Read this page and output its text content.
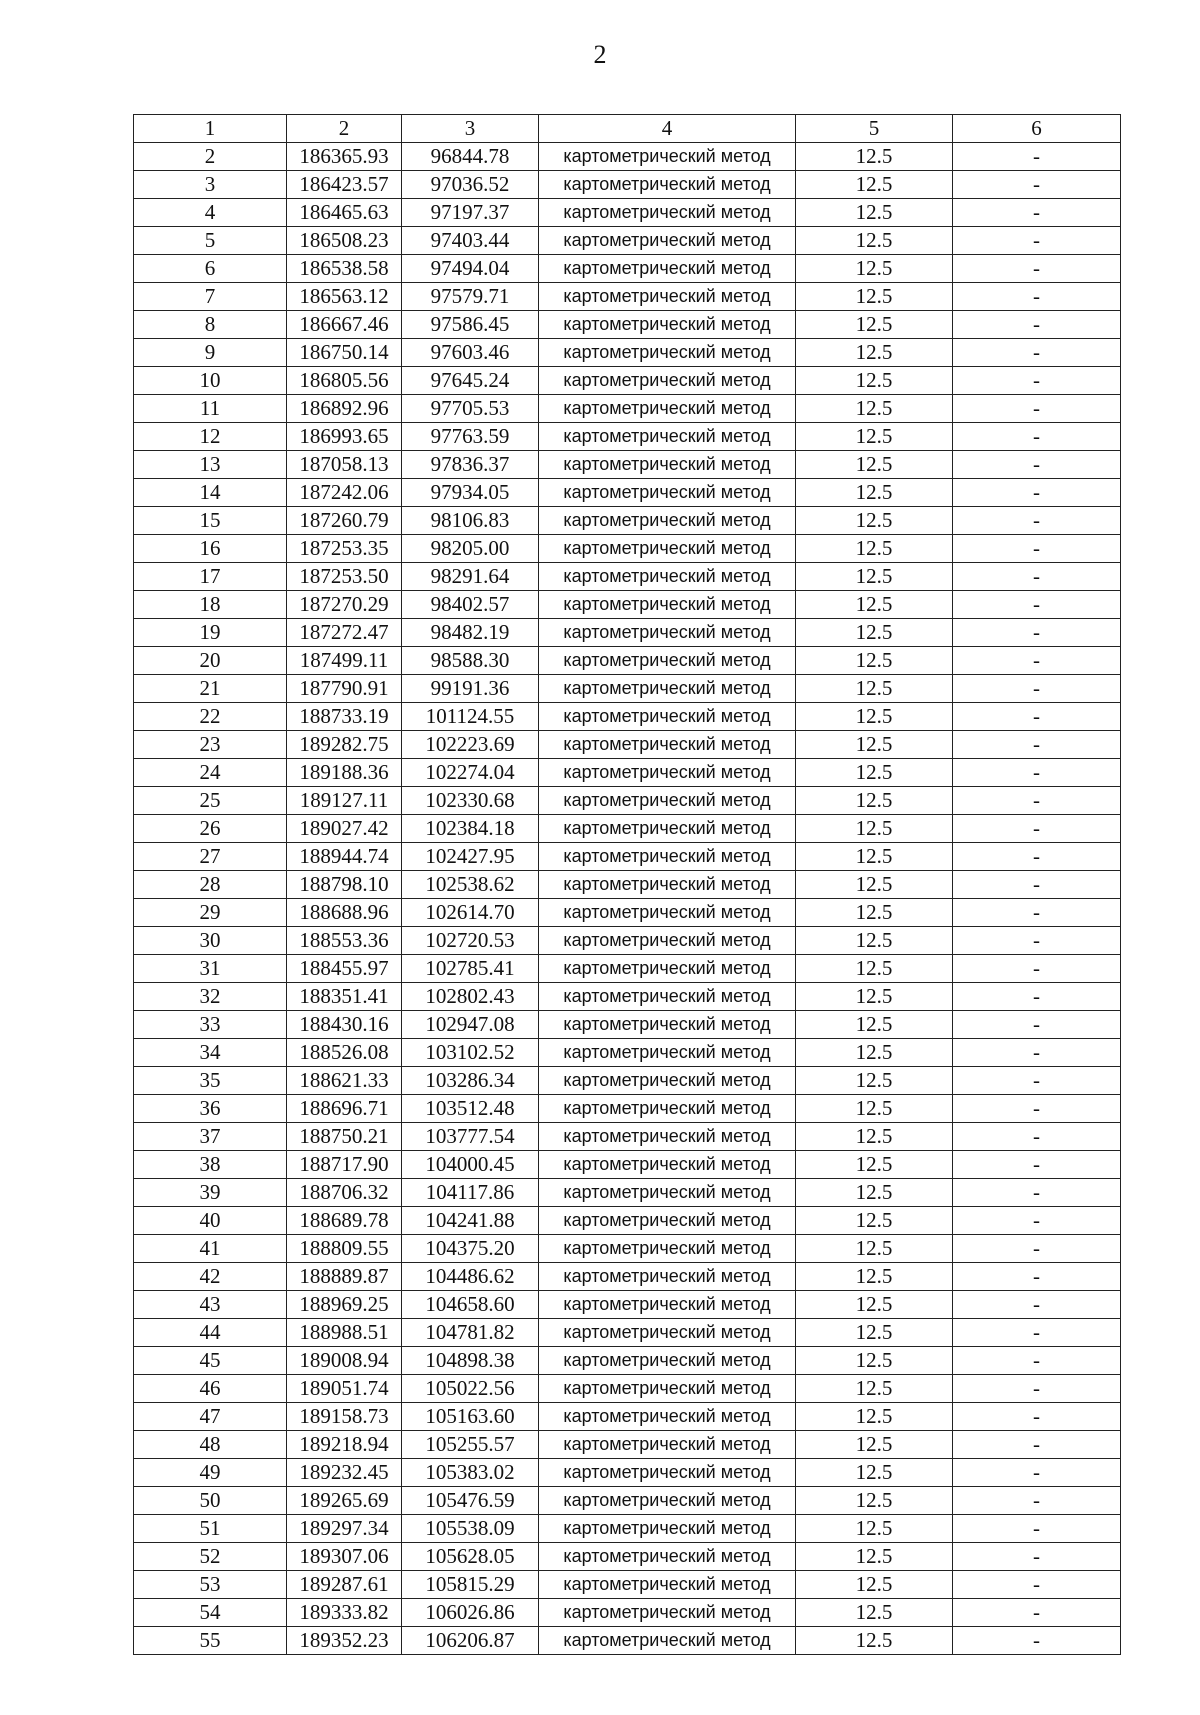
2
1	2	3	4	5	6
2	186365.93	96844.78	картометрический метод	12.5	-
3	186423.57	97036.52	картометрический метод	12.5	-
4	186465.63	97197.37	картометрический метод	12.5	-
5	186508.23	97403.44	картометрический метод	12.5	-
6	186538.58	97494.04	картометрический метод	12.5	-
7	186563.12	97579.71	картометрический метод	12.5	-
8	186667.46	97586.45	картометрический метод	12.5	-
9	186750.14	97603.46	картометрический метод	12.5	-
10	186805.56	97645.24	картометрический метод	12.5	-
11	186892.96	97705.53	картометрический метод	12.5	-
12	186993.65	97763.59	картометрический метод	12.5	-
13	187058.13	97836.37	картометрический метод	12.5	-
14	187242.06	97934.05	картометрический метод	12.5	-
15	187260.79	98106.83	картометрический метод	12.5	-
16	187253.35	98205.00	картометрический метод	12.5	-
17	187253.50	98291.64	картометрический метод	12.5	-
18	187270.29	98402.57	картометрический метод	12.5	-
19	187272.47	98482.19	картометрический метод	12.5	-
20	187499.11	98588.30	картометрический метод	12.5	-
21	187790.91	99191.36	картометрический метод	12.5	-
22	188733.19	101124.55	картометрический метод	12.5	-
23	189282.75	102223.69	картометрический метод	12.5	-
24	189188.36	102274.04	картометрический метод	12.5	-
25	189127.11	102330.68	картометрический метод	12.5	-
26	189027.42	102384.18	картометрический метод	12.5	-
27	188944.74	102427.95	картометрический метод	12.5	-
28	188798.10	102538.62	картометрический метод	12.5	-
29	188688.96	102614.70	картометрический метод	12.5	-
30	188553.36	102720.53	картометрический метод	12.5	-
31	188455.97	102785.41	картометрический метод	12.5	-
32	188351.41	102802.43	картометрический метод	12.5	-
33	188430.16	102947.08	картометрический метод	12.5	-
34	188526.08	103102.52	картометрический метод	12.5	-
35	188621.33	103286.34	картометрический метод	12.5	-
36	188696.71	103512.48	картометрический метод	12.5	-
37	188750.21	103777.54	картометрический метод	12.5	-
38	188717.90	104000.45	картометрический метод	12.5	-
39	188706.32	104117.86	картометрический метод	12.5	-
40	188689.78	104241.88	картометрический метод	12.5	-
41	188809.55	104375.20	картометрический метод	12.5	-
42	188889.87	104486.62	картометрический метод	12.5	-
43	188969.25	104658.60	картометрический метод	12.5	-
44	188988.51	104781.82	картометрический метод	12.5	-
45	189008.94	104898.38	картометрический метод	12.5	-
46	189051.74	105022.56	картометрический метод	12.5	-
47	189158.73	105163.60	картометрический метод	12.5	-
48	189218.94	105255.57	картометрический метод	12.5	-
49	189232.45	105383.02	картометрический метод	12.5	-
50	189265.69	105476.59	картометрический метод	12.5	-
51	189297.34	105538.09	картометрический метод	12.5	-
52	189307.06	105628.05	картометрический метод	12.5	-
53	189287.61	105815.29	картометрический метод	12.5	-
54	189333.82	106026.86	картометрический метод	12.5	-
55	189352.23	106206.87	картометрический метод	12.5	-
